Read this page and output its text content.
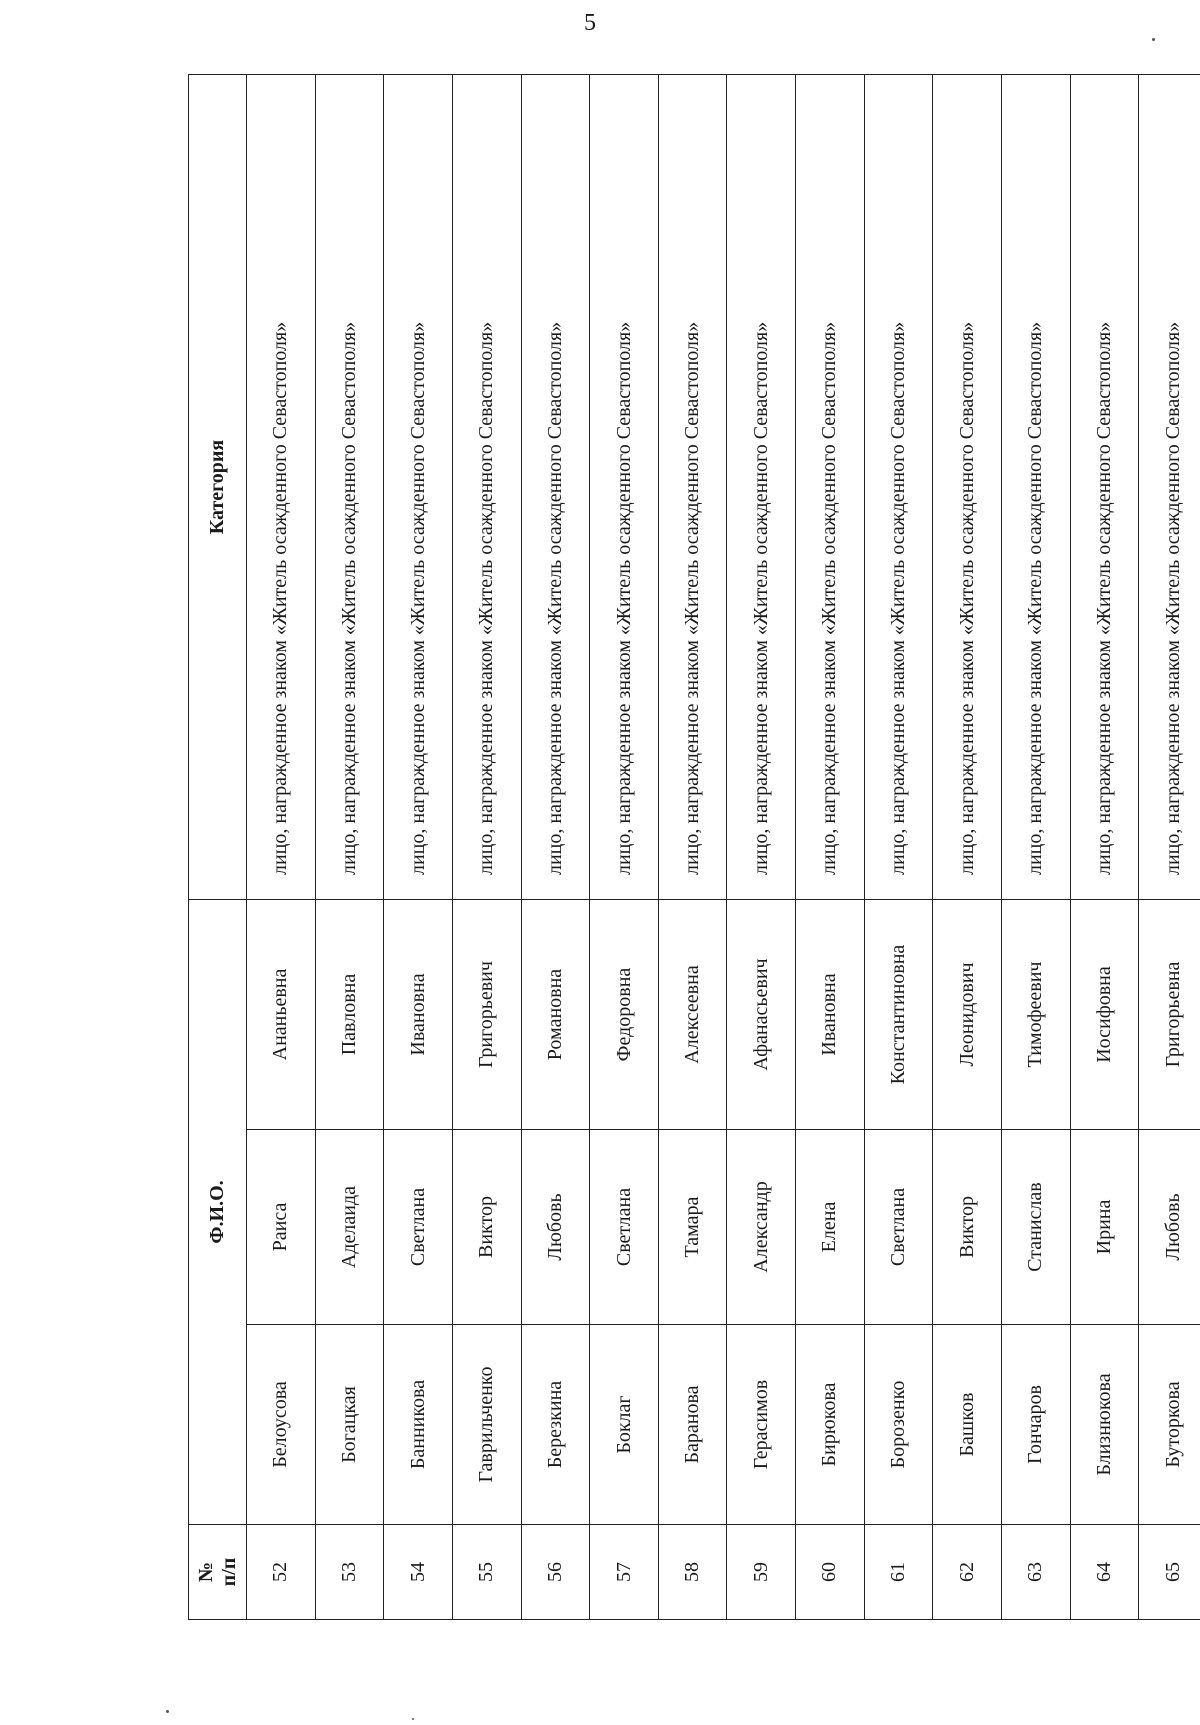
5
№ п/п	Ф.И.О.			Категория
52	Белоусова	Раиса	Ананьевна	лицо, награжденное знаком «Житель осажденного Севастополя»
53	Богацкая	Аделаида	Павловна	лицо, награжденное знаком «Житель осажденного Севастополя»
54	Банникова	Светлана	Ивановна	лицо, награжденное знаком «Житель осажденного Севастополя»
55	Гаврильченко	Виктор	Григорьевич	лицо, награжденное знаком «Житель осажденного Севастополя»
56	Березкина	Любовь	Романовна	лицо, награжденное знаком «Житель осажденного Севастополя»
57	Боклаг	Светлана	Федоровна	лицо, награжденное знаком «Житель осажденного Севастополя»
58	Баранова	Тамара	Алексеевна	лицо, награжденное знаком «Житель осажденного Севастополя»
59	Герасимов	Александр	Афанасьевич	лицо, награжденное знаком «Житель осажденного Севастополя»
60	Бирюкова	Елена	Ивановна	лицо, награжденное знаком «Житель осажденного Севастополя»
61	Борозенко	Светлана	Константиновна	лицо, награжденное знаком «Житель осажденного Севастополя»
62	Башков	Виктор	Леонидович	лицо, награжденное знаком «Житель осажденного Севастополя»
63	Гончаров	Станислав	Тимофеевич	лицо, награжденное знаком «Житель осажденного Севастополя»
64	Близнюкова	Ирина	Иосифовна	лицо, награжденное знаком «Житель осажденного Севастополя»
65	Буторкова	Любовь	Григорьевна	лицо, награжденное знаком «Житель осажденного Севастополя»
